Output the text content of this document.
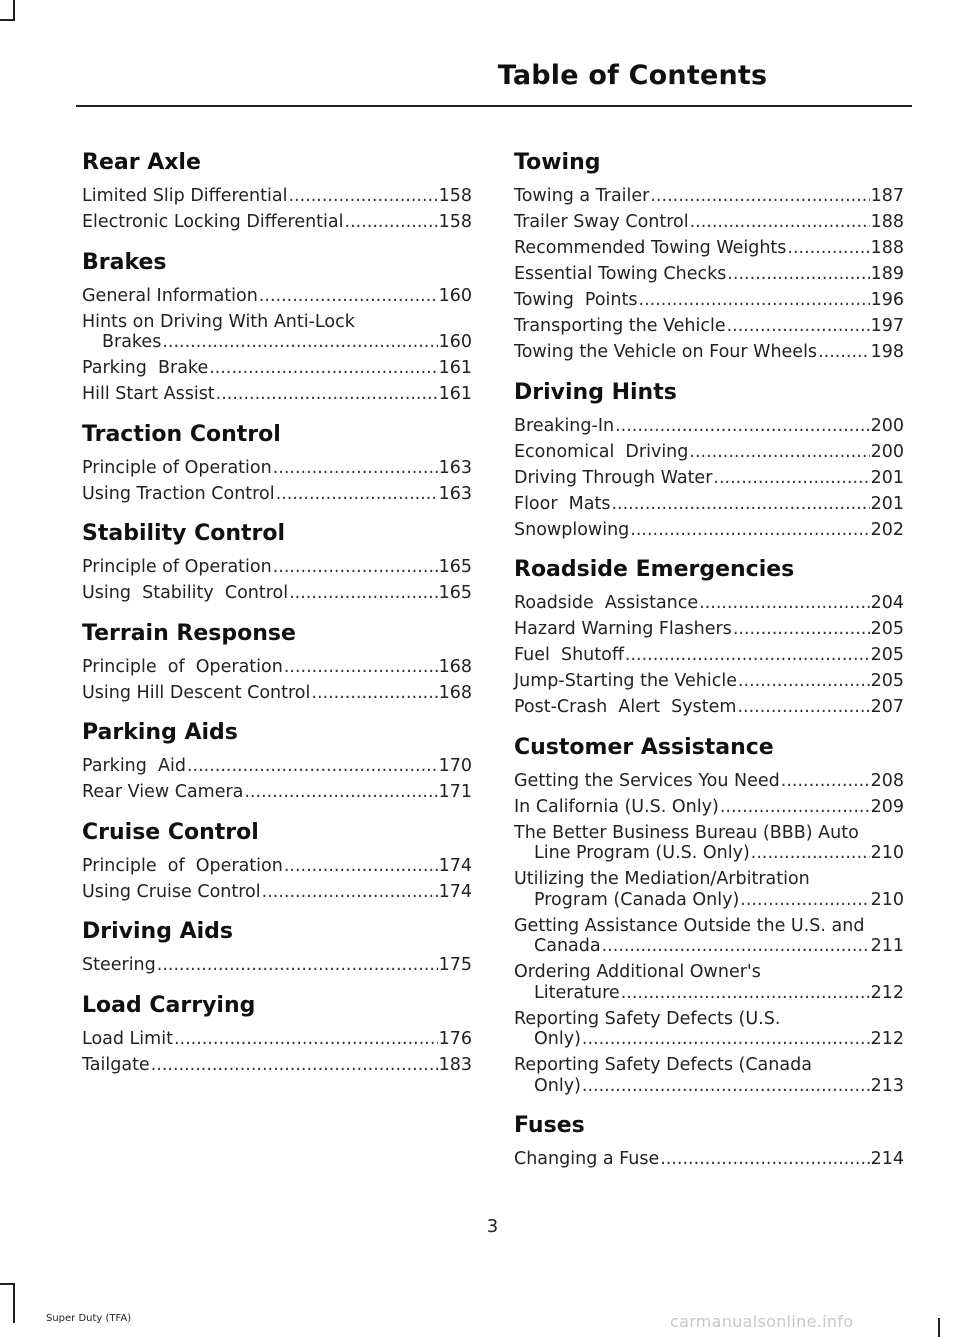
Table of Contents
Rear Axle
Limited Slip Differential .....	158
Electronic Locking Differential .....	158
Brakes
General Information .....	160
Hints on Driving With Anti-Lock
Brakes .....	160
Parking  Brake .....	161
Hill Start Assist .....	161
Traction Control
Principle of Operation .....	163
Using Traction Control .....	163
Stability Control
Principle of Operation .....	165
Using  Stability  Control .....	165
Terrain Response
Principle  of  Operation .....	168
Using Hill Descent Control .....	168
Parking Aids
Parking  Aid .....	170
Rear View Camera .....	171
Cruise Control
Principle  of  Operation .....	174
Using Cruise Control .....	174
Driving Aids
Steering .....	175
Load Carrying
Load Limit .....	176
Tailgate .....	183
Towing
Towing a Trailer .....	187
Trailer Sway Control .....	188
Recommended Towing Weights .....	188
Essential Towing Checks .....	189
Towing  Points .....	196
Transporting the Vehicle .....	197
Towing the Vehicle on Four Wheels .....	198
Driving Hints
Breaking-In .....	200
Economical  Driving .....	200
Driving Through Water .....	201
Floor  Mats .....	201
Snowplowing .....	202
Roadside Emergencies
Roadside  Assistance .....	204
Hazard Warning Flashers .....	205
Fuel  Shutoff .....	205
Jump-Starting the Vehicle .....	205
Post-Crash  Alert  System .....	207
Customer Assistance
Getting the Services You Need .....	208
In California (U.S. Only) .....	209
The Better Business Bureau (BBB) Auto
Line Program (U.S. Only) .....	210
Utilizing the Mediation/Arbitration
Program (Canada Only) .....	210
Getting Assistance Outside the U.S. and
Canada .....	211
Ordering Additional Owner's
Literature .....	212
Reporting Safety Defects (U.S.
Only) .....	212
Reporting Safety Defects (Canada
Only) .....	213
Fuses
Changing a Fuse .....	214
3
Super Duty (TFA)	carmanualsonline.info
